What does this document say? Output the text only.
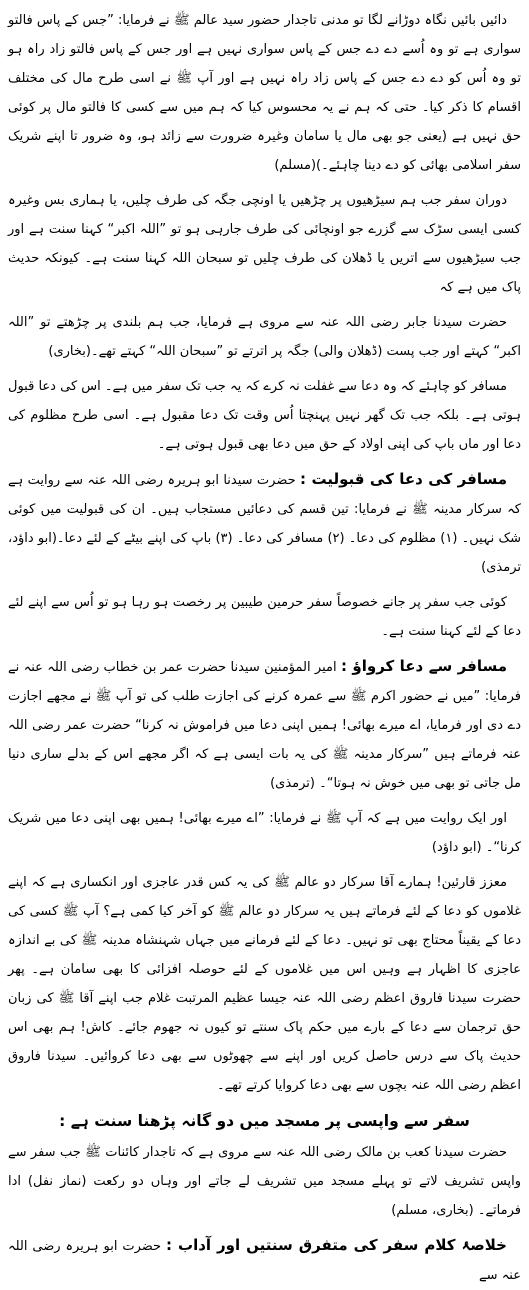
دائیں بائیں نگاہ دوڑانے لگا تو مدنی تاجدار حضور سید عالم ﷺ نے فرمایا: ”جس کے پاس فالتو سواری ہے تو وہ اُسے دے دے جس کے پاس سواری نہیں ہے اور جس کے پاس فالتو زاد راہ ہو تو وہ اُس کو دے دے جس کے پاس زاد راہ نہیں ہے اور آپ ﷺ نے اسی طرح مال کی مختلف اقسام کا ذکر کیا۔ حتی کہ ہم نے یہ محسوس کیا کہ ہم میں سے کسی کا فالتو مال پر کوئی حق نہیں ہے (یعنی جو بھی مال یا سامان وغیرہ ضرورت سے زائد ہو، وہ ضرور تا اپنے شریک سفر اسلامی بھائی کو دے دینا چاہئے۔)(مسلم)

دوران سفر جب ہم سیڑھیوں پر چڑھیں یا اونچی جگہ کی طرف چلیں، یا ہماری بس وغیرہ کسی ایسی سڑک سے گزرے جو اونچائی کی طرف جارہی ہو تو ”اللہ اکبر“ کہنا سنت ہے اور جب سیڑھیوں سے اتریں یا ڈھلان کی طرف چلیں تو سبحان اللہ کہنا سنت ہے۔ کیونکہ حدیث پاک میں ہے کہ

حضرت سیدنا جابر رضی اللہ عنہ سے مروی ہے فرمایا، جب ہم بلندی پر چڑھتے تو ”اللہ اکبر“ کہتے اور جب پست (ڈھلان والی) جگہ پر اترتے تو ”سبحان اللہ“ کہتے تھے۔(بخاری)

مسافر کو چاہئے کہ وہ دعا سے غفلت نہ کرے کہ یہ جب تک سفر میں ہے۔ اس کی دعا قبول ہوتی ہے۔ بلکہ جب تک گھر نہیں پہنچتا اُس وقت تک دعا مقبول ہے۔ اسی طرح مظلوم کی دعا اور ماں باپ کی اپنی اولاد کے حق میں دعا بھی قبول ہوتی ہے۔

مسافر کی دعا کی قبولیت : حضرت سیدنا ابو ہریرہ رضی اللہ عنہ سے روایت ہے کہ سرکار مدینہ ﷺ نے فرمایا: تین قسم کی دعائیں مستجاب ہیں۔ ان کی قبولیت میں کوئی شک نہیں۔ (۱) مظلوم کی دعا۔ (۲) مسافر کی دعا۔ (۳) باپ کی اپنے بیٹے کے لئے دعا۔(ابو داؤد، ترمذی)

کوئی جب سفر پر جانے خصوصاً سفر حرمین طیبین پر رخصت ہو رہا ہو تو اُس سے اپنے لئے دعا کے لئے کہنا سنت ہے۔

مسافر سے دعا کرواؤ : امیر المؤمنین سیدنا حضرت عمر بن خطاب رضی اللہ عنہ نے فرمایا: ”میں نے حضور اکرم ﷺ سے عمرہ کرنے کی اجازت طلب کی تو آپ ﷺ نے مجھے اجازت دے دی اور فرمایا، اے میرے بھائی! ہمیں اپنی دعا میں فراموش نہ کرنا“ حضرت عمر رضی اللہ عنہ فرماتے ہیں ”سرکار مدینہ ﷺ کی یہ بات ایسی ہے کہ اگر مجھے اس کے بدلے ساری دنیا مل جاتی تو بھی میں خوش نہ ہوتا“۔ (ترمذی)

اور ایک روایت میں ہے کہ آپ ﷺ نے فرمایا: ”اے میرے بھائی! ہمیں بھی اپنی دعا میں شریک کرنا“۔ (ابو داؤد)

معزز قارئین! ہمارے آقا سرکار دو عالم ﷺ کی یہ کس قدر عاجزی اور انکساری ہے کہ اپنے غلاموں کو دعا کے لئے فرماتے ہیں یہ سرکار دو عالم ﷺ کو آخر کیا کمی ہے؟ آپ ﷺ کسی کی دعا کے یقیناً محتاج بھی تو نہیں۔ دعا کے لئے فرمانے میں جہاں شہنشاہ مدینہ ﷺ کی بے اندازہ عاجزی کا اظہار ہے وہیں اس میں غلاموں کے لئے حوصلہ افزائی کا بھی سامان ہے۔ پھر حضرت سیدنا فاروق اعظم رضی اللہ عنہ جیسا عظیم المرتبت غلام جب اپنے آقا ﷺ کی زبان حق ترجمان سے دعا کے بارے میں حکم پاک سنتے تو کیوں نہ جھوم جائے۔ کاش! ہم بھی اس حدیث پاک سے درس حاصل کریں اور اپنے سے چھوٹوں سے بھی دعا کروائیں۔ سیدنا فاروق اعظم رضی اللہ عنہ بچوں سے بھی دعا کروایا کرتے تھے۔

سفر سے واپسی پر مسجد میں دو گانہ پڑھنا سنت ہے :

حضرت سیدنا کعب بن مالک رضی اللہ عنہ سے مروی ہے کہ تاجدار کائنات ﷺ جب سفر سے واپس تشریف لاتے تو پہلے مسجد میں تشریف لے جاتے اور وہاں دو رکعت (نماز نفل) ادا فرماتے۔ (بخاری، مسلم)

خلاصۂ کلام سفر کی متفرق سنتیں اور آداب : حضرت ابو ہریرہ رضی اللہ عنہ سے
